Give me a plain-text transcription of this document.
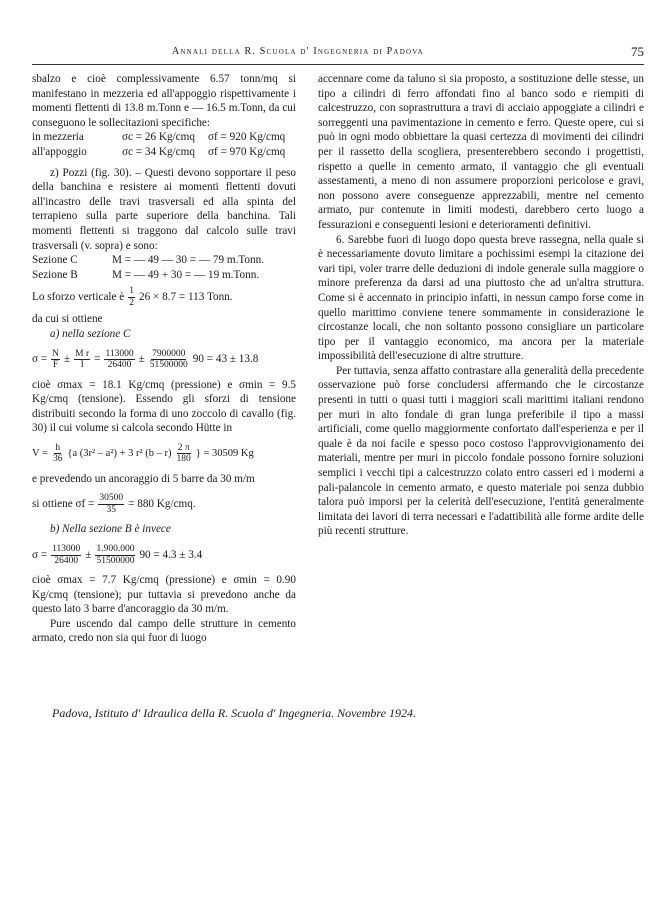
Annali della R. Scuola d' Ingegneria di Padova	75

sbalzo e cioè complessivamente 6.57 tonn/mq si manifestano in mezzeria ed all'appoggio rispettivamente i momenti flettenti di 13.8 m.Tonn e — 16.5 m.Tonn, da cui conseguono le sollecitazioni specifiche:

in mezzeria	σc = 26 Kg/cmq	σf = 920 Kg/cmq
all'appoggio	σc = 34 Kg/cmq	σf = 970 Kg/cmq

z) Pozzi (fig. 30). – Questi devono sopportare il peso della banchina e resistere ai momenti flettenti dovuti all'incastro delle travi trasversali ed alla spinta del terrapieno sulla parte superiore della banchina. Tali momenti flettenti si traggono dal calcolo sulle travi trasversali (v. sopra) e sono:

Sezione C	M = — 49 — 30 = — 79 m.Tonn.
Sezione B	M = — 49 + 30 = — 19 m.Tonn.
Lo sforzo verticale è $\frac{1}{2} 26 \times 8.7 = 113$ Tonn.

da cui si ottiene

a) nella sezione C

$\sigma = \frac{N}{F} \pm \frac{\text{M r}}{I} = \frac{113000}{26400} \pm \frac{7900000}{51500000} 90 = 43 \pm 13.8$

cioè σmax = 18.1 Kg/cmq (pressione) e σmin = 9.5 Kg/cmq (tensione). Essendo gli sforzi di tensione distribuiti secondo la forma di uno zoccolo di cavallo (fig. 30) il cui volume si calcola secondo Hütte in

$V = \frac{h}{36} \{a$ (3r² – a²) + 3 r² $(b - r) \frac{2 \pi}{180}$ } = 30509 Kg

e prevedendo un ancoraggio di 5 barre da 30 m/m

si ottiene $\sigma f = \frac{30500}{35} = 880$ Kg/cmq.

b) Nella sezione B è invece

$\sigma = \frac{113000}{26400} \pm \frac{1.900.000}{51500000} 90 = 4.3 \pm 3.4$

cioè σmax = 7.7 Kg/cmq (pressione) e σmin = 0.90 Kg/cmq (tensione); pur tuttavia si prevedono anche da questo lato 3 barre d'ancoraggio da 30 m/m.

Pure uscendo dal campo delle strutture in cemento armato, credo non sia qui fuor di luogo

accennare come da taluno si sia proposto, a sostituzione delle stesse, un tipo a cilindri di ferro affondati fino al banco sodo e riempiti di calcestruzzo, con soprastruttura a travi di acciaio appoggiate a cilindri e sorreggenti una pavimentazione in cemento e ferro. Queste opere, cui si può in ogni modo obbiettare la quasi certezza di movimenti dei cilindri per il rassetto della scogliera, presenterebbero secondo i progettisti, rispetto a quelle in cemento armato, il vantaggio che gli eventuali assestamenti, a meno di non assumere proporzioni pericolose e gravi, non possono avere conseguenze apprezzabili, mentre nel cemento armato, pur contenute in limiti modesti, darebbero certo luogo a fessurazioni e conseguenti lesioni e deterioramenti definitivi.

6. Sarebbe fuori di luogo dopo questa breve rassegna, nella quale si è necessariamente dovuto limitare a pochissimi esempi la citazione dei vari tipi, voler trarre delle deduzioni di indole generale sulla maggiore o minore preferenza da darsi ad una piuttosto che ad un'altra struttura. Come si è accennato in principio infatti, in nessun campo forse come in quello marittimo conviene tenere sommamente in considerazione le circostanze locali, che non soltanto possono consigliare un particolare tipo per il vantaggio economico, ma ancora per la materiale impossibilità dell'esecuzione di altre strutture.

Per tuttavia, senza affatto contrastare alla generalità della precedente osservazione può forse concludersi affermando che le circostanze presenti in tutti o quasi tutti i maggiori scali marittimi italiani rendono per muri in alto fondale di gran lunga preferibile il tipo a massi artificiali, come quello maggiormente confortato dall'esperienza e per il quale è da noi facile e spesso poco costoso l'approvvigionamento dei materiali, mentre per muri in piccolo fondale possono fornire soluzioni semplici i vecchi tipi a calcestruzzo colato entro casseri ed i moderni a pali-palancole in cemento armato, e questo materiale poi senza dubbio talora può imporsi per la celerità dell'esecuzione, l'entità generalmente limitata dei lavori di terra necessari e l'adattibilità alle forme ardite delle più recenti strutture.

Padova, Istituto d' Idraulica della R. Scuola d' Ingegneria. Novembre 1924.
